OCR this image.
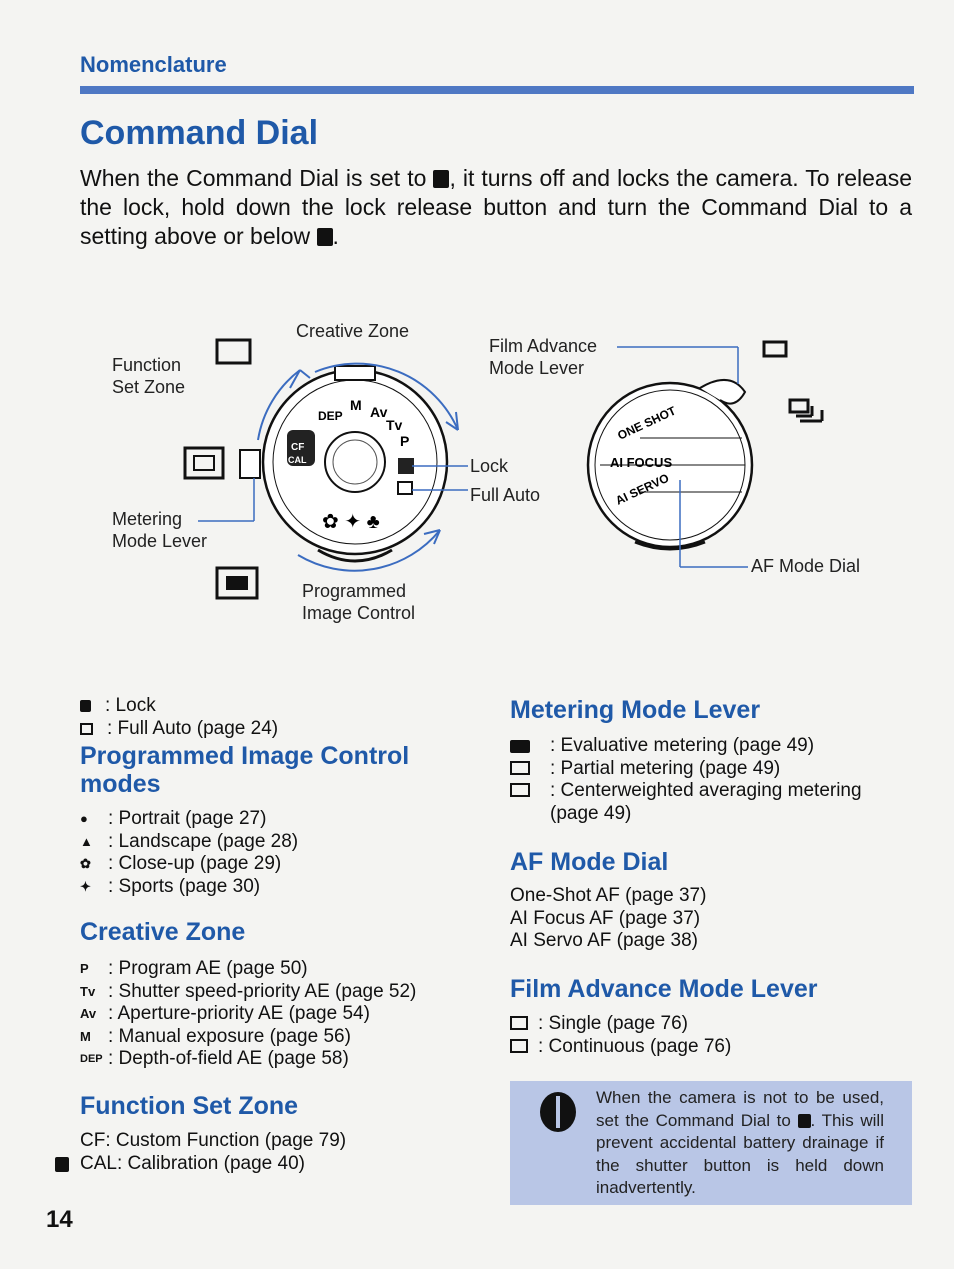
Nomenclature
Command Dial
When the Command Dial is set to , it turns off and locks the camera. To release the lock, hold down the lock release button and turn the Command Dial to a setting above or below .
M Av
Tv
P
DEP
CF
CAL
✿ ✦ ♣
ONE SHOT
AI FOCUS
AI SERVO
Creative Zone
Function
Set Zone
Metering
Mode Lever
Programmed
Image Control
Lock
Full Auto
Film Advance
Mode Lever
AF Mode Dial
: Lock
: Full Auto (page 24)
Programmed Image Control
modes
●	: Portrait (page 27)
▲ : Landscape (page 28)
✿ : Close-up (page 29)
✦ : Sports (page 30)
Creative Zone
P	: Program AE (page 50)
Tv : Shutter speed-priority AE (page 52)
Av : Aperture-priority AE (page 54)
M : Manual exposure (page 56)
DEP : Depth-of-field AE (page 58)
Function Set Zone
CF: Custom Function (page 79)
CAL: Calibration (page 40)
Metering Mode Lever
: Evaluative metering (page 49)
: Partial metering (page 49)
: Centerweighted averaging metering
(page 49)
AF Mode Dial
One-Shot AF (page 37)
AI Focus AF (page 37)
AI Servo AF (page 38)
Film Advance Mode Lever
: Single (page 76)
: Continuous (page 76)
When the camera is not to be used, set the Command Dial to . This will prevent accidental battery drainage if the shutter button is held down inadvertently.
14
